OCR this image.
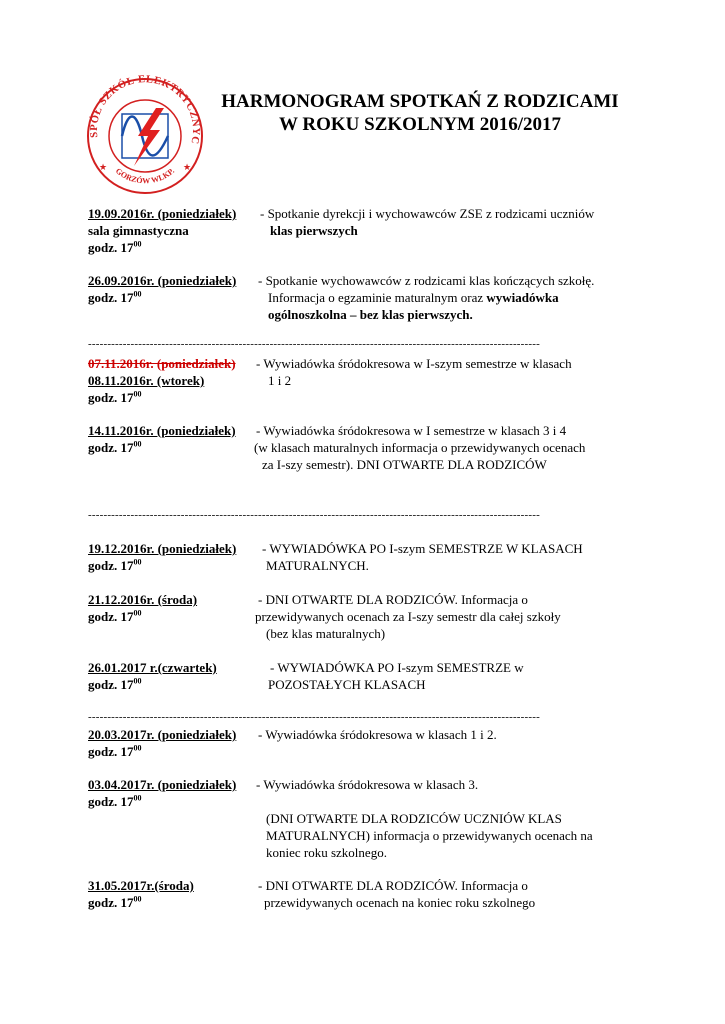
SPÓŁ SZKÓŁ ELEKTRYCZNYC
GORZÓW WLKP.
★	★
HARMONOGRAM SPOTKAŃ Z RODZICAMI
W ROKU SZKOLNYM 2016/2017
19.09.2016r. (poniedziałek) - Spotkanie dyrekcji i wychowawców ZSE z rodzicami uczniów
sala gimnastyczna	klas pierwszych
godz. $17^{00}$
26.09.2016r. (poniedziałek) - Spotkanie wychowawców z rodzicami klas kończących szkołę.
godz. $17^{00}$	Informacja o egzaminie maturalnym oraz wywiadówka
ogólnoszkolna – bez klas pierwszych.
---------------------------------------------------------------------------------------------------------------------
07.11.2016r. (poniedziałek) - Wywiadówka śródokresowa w I-szym semestrze w klasach
08.11.2016r. (wtorek)	1 i 2
godz. $17^{00}$
14.11.2016r. (poniedziałek) - Wywiadówka śródokresowa w I semestrze w klasach 3 i 4
godz. $17^{00}$	(w klasach maturalnych informacja o przewidywanych ocenach
za I-szy semestr). DNI OTWARTE DLA RODZICÓW
---------------------------------------------------------------------------------------------------------------------
19.12.2016r. (poniedziałek) - WYWIADÓWKA PO I-szym SEMESTRZE W KLASACH
godz. $17^{00}$	MATURALNYCH.
21.12.2016r. (środa)	- DNI OTWARTE DLA RODZICÓW. Informacja o
godz. $17^{00}$	przewidywanych ocenach za I-szy semestr dla całej szkoły
(bez klas maturalnych)
26.01.2017 r.(czwartek)	- WYWIADÓWKA PO I-szym SEMESTRZE w
godz. $17^{00}$	POZOSTAŁYCH KLASACH
---------------------------------------------------------------------------------------------------------------------
20.03.2017r. (poniedziałek) - Wywiadówka śródokresowa w klasach 1 i 2.
godz. $17^{00}$
03.04.2017r. (poniedziałek) - Wywiadówka śródokresowa w klasach 3.
godz. $17^{00}$
(DNI OTWARTE DLA RODZICÓW UCZNIÓW KLAS
MATURALNYCH) informacja o przewidywanych ocenach na
koniec roku szkolnego.
31.05.2017r.(środa)	- DNI OTWARTE DLA RODZICÓW. Informacja o
godz. $17^{00}$	przewidywanych ocenach na koniec roku szkolnego
